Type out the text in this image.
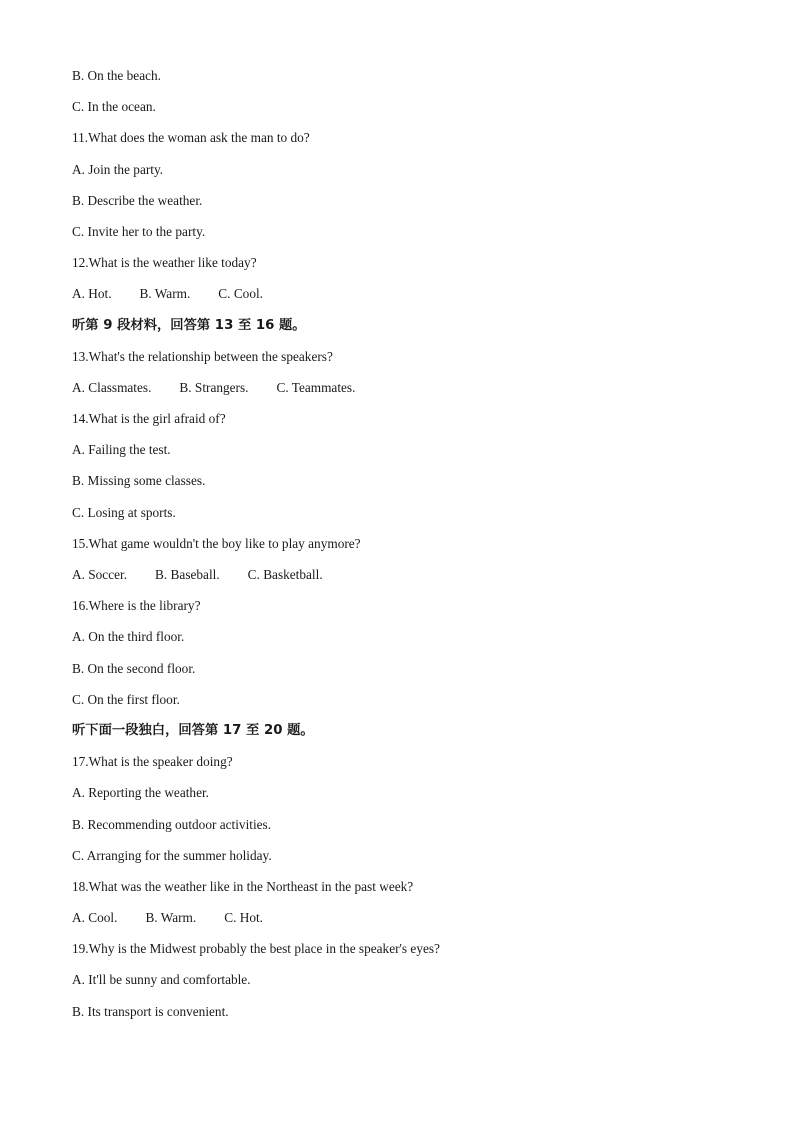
B. On the beach.
C. In the ocean.
11.What does the woman ask the man to do?
A. Join the party.
B. Describe the weather.
C. Invite her to the party.
12.What is the weather like today?
A. Hot. B. Warm. C. Cool.
听第 9 段材料，回答第 13 至 16 题。
13.What's the relationship between the speakers?
A. Classmates. B. Strangers. C. Teammates.
14.What is the girl afraid of?
A. Failing the test.
B. Missing some classes.
C. Losing at sports.
15.What game wouldn't the boy like to play anymore?
A. Soccer. B. Baseball. C. Basketball.
16.Where is the library?
A. On the third floor.
B. On the second floor.
C. On the first floor.
听下面一段独白，回答第 17 至 20 题。
17.What is the speaker doing?
A. Reporting the weather.
B. Recommending outdoor activities.
C. Arranging for the summer holiday.
18.What was the weather like in the Northeast in the past week?
A. Cool. B. Warm. C. Hot.
19.Why is the Midwest probably the best place in the speaker's eyes?
A. It'll be sunny and comfortable.
B. Its transport is convenient.
